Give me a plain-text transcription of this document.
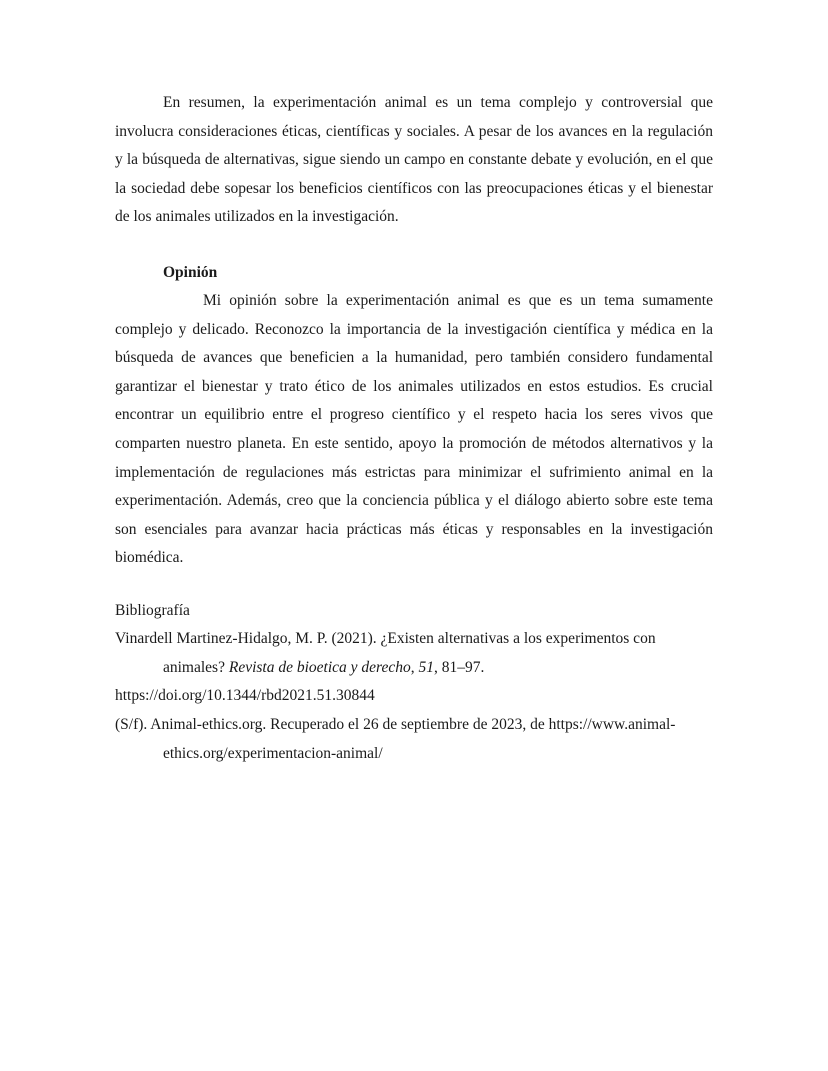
En resumen, la experimentación animal es un tema complejo y controversial que involucra consideraciones éticas, científicas y sociales. A pesar de los avances en la regulación y la búsqueda de alternativas, sigue siendo un campo en constante debate y evolución, en el que la sociedad debe sopesar los beneficios científicos con las preocupaciones éticas y el bienestar de los animales utilizados en la investigación.

Opinión

Mi opinión sobre la experimentación animal es que es un tema sumamente complejo y delicado. Reconozco la importancia de la investigación científica y médica en la búsqueda de avances que beneficien a la humanidad, pero también considero fundamental garantizar el bienestar y trato ético de los animales utilizados en estos estudios. Es crucial encontrar un equilibrio entre el progreso científico y el respeto hacia los seres vivos que comparten nuestro planeta. En este sentido, apoyo la promoción de métodos alternativos y la implementación de regulaciones más estrictas para minimizar el sufrimiento animal en la experimentación. Además, creo que la conciencia pública y el diálogo abierto sobre este tema son esenciales para avanzar hacia prácticas más éticas y responsables en la investigación biomédica.

Bibliografía

Vinardell Martinez-Hidalgo, M. P. (2021). ¿Existen alternativas a los experimentos con animales? Revista de bioetica y derecho, 51, 81–97.
https://doi.org/10.1344/rbd2021.51.30844

(S/f). Animal-ethics.org. Recuperado el 26 de septiembre de 2023, de https://www.animal-ethics.org/experimentacion-animal/
